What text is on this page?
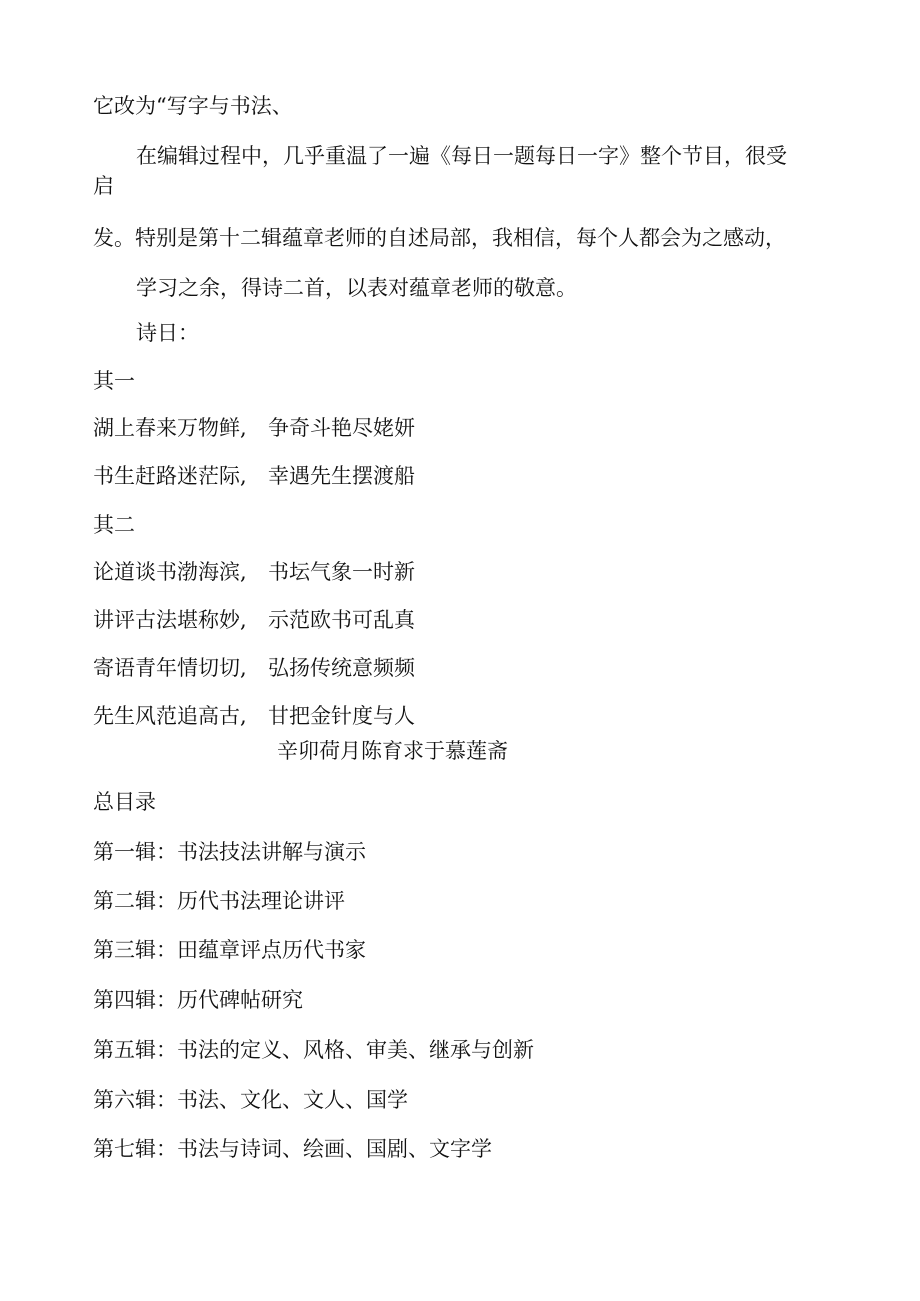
它改为“写字与书法、
在编辑过程中，几乎重温了一遍《每日一题每日一字》整个节目，很受
启
发。特别是第十二辑蕴章老师的自述局部，我相信，每个人都会为之感动，
学习之余，得诗二首，以表对蕴章老师的敬意。
诗日：
其一
湖上春来万物鲜, 争奇斗艳尽姥妍
书生赶路迷茫际, 幸遇先生摆渡船
其二
论道谈书渤海滨, 书坛气象一时新
讲评古法堪称妙, 示范欧书可乱真
寄语青年情切切, 弘扬传统意频频
先生风范追高古, 甘把金针度与人
辛卯荷月陈育求于慕莲斋
总目录
第一辑：书法技法讲解与演示
第二辑：历代书法理论讲评
第三辑：田蕴章评点历代书家
第四辑：历代碑帖研究
第五辑：书法的定义、风格、审美、继承与创新
第六辑：书法、文化、文人、国学
第七辑：书法与诗词、绘画、国剧、文字学
